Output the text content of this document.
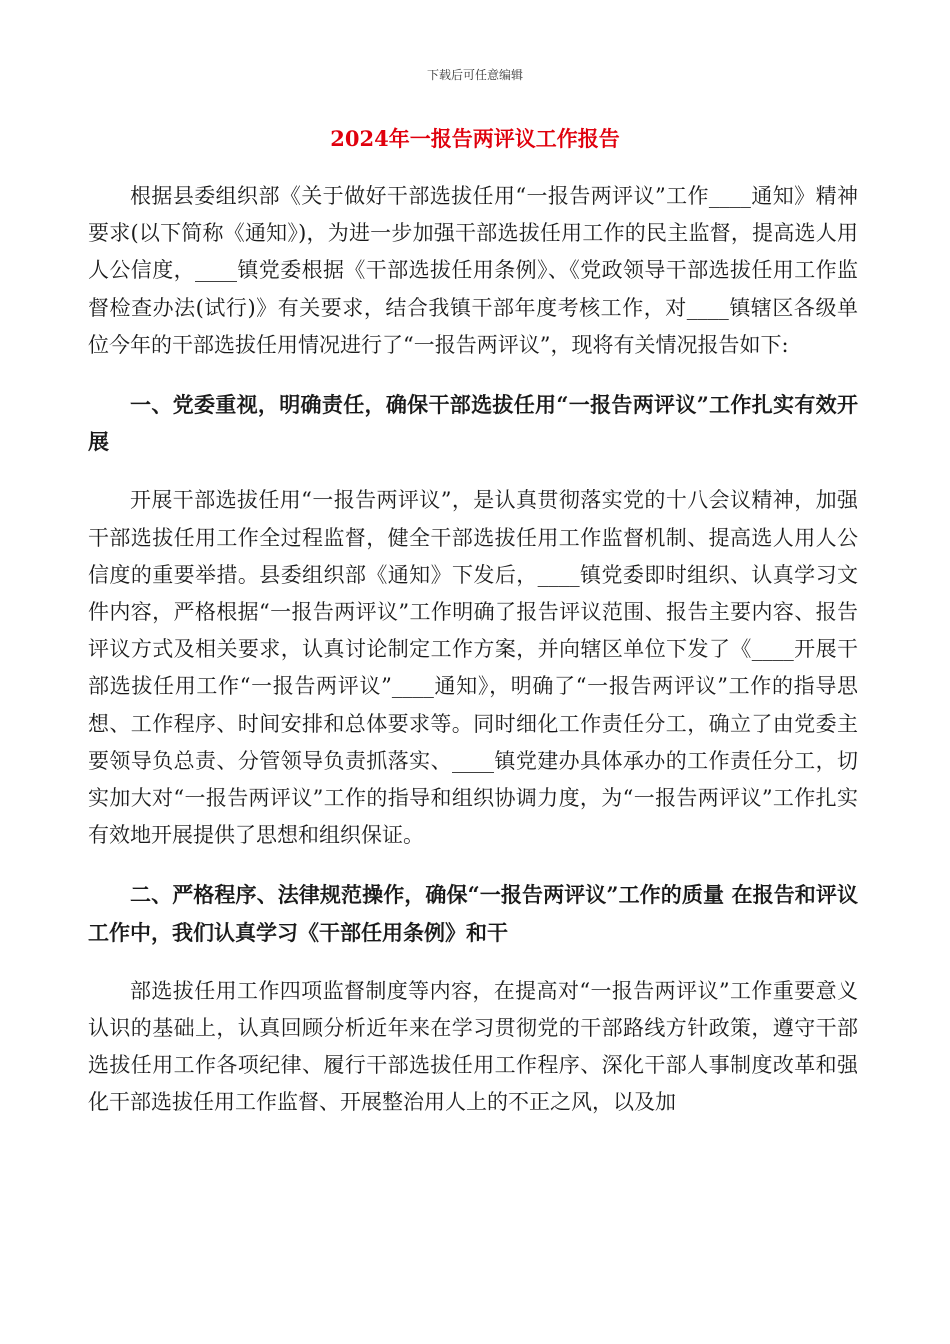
下载后可任意编辑
2024年一报告两评议工作报告

根据县委组织部《关于做好干部选拔任用“一报告两评议”工作____通知》精神要求(以下简称《通知》)，为进一步加强干部选拔任用工作的民主监督，提高选人用人公信度，____镇党委根据《干部选拔任用条例》、《党政领导干部选拔任用工作监督检查办法(试行)》有关要求，结合我镇干部年度考核工作，对____镇辖区各级单位今年的干部选拔任用情况进行了“一报告两评议”，现将有关情况报告如下:

一、党委重视，明确责任，确保干部选拔任用“一报告两评议”工作扎实有效开展

开展干部选拔任用“一报告两评议”，是认真贯彻落实党的十八会议精神，加强干部选拔任用工作全过程监督，健全干部选拔任用工作监督机制、提高选人用人公信度的重要举措。县委组织部《通知》下发后，____镇党委即时组织、认真学习文件内容，严格根据“一报告两评议”工作明确了报告评议范围、报告主要内容、报告评议方式及相关要求，认真讨论制定工作方案，并向辖区单位下发了《____开展干部选拔任用工作“一报告两评议”____通知》，明确了“一报告两评议”工作的指导思想、工作程序、时间安排和总体要求等。同时细化工作责任分工，确立了由党委主要领导负总责、分管领导负责抓落实、____镇党建办具体承办的工作责任分工，切实加大对“一报告两评议”工作的指导和组织协调力度，为“一报告两评议”工作扎实有效地开展提供了思想和组织保证。

二、严格程序、法律规范操作，确保“一报告两评议”工作的质量 在报告和评议工作中，我们认真学习《干部任用条例》和干

部选拔任用工作四项监督制度等内容，在提高对“一报告两评议”工作重要意义认识的基础上，认真回顾分析近年来在学习贯彻党的干部路线方针政策，遵守干部选拔任用工作各项纪律、履行干部选拔任用工作程序、深化干部人事制度改革和强化干部选拔任用工作监督、开展整治用人上的不正之风，以及加
